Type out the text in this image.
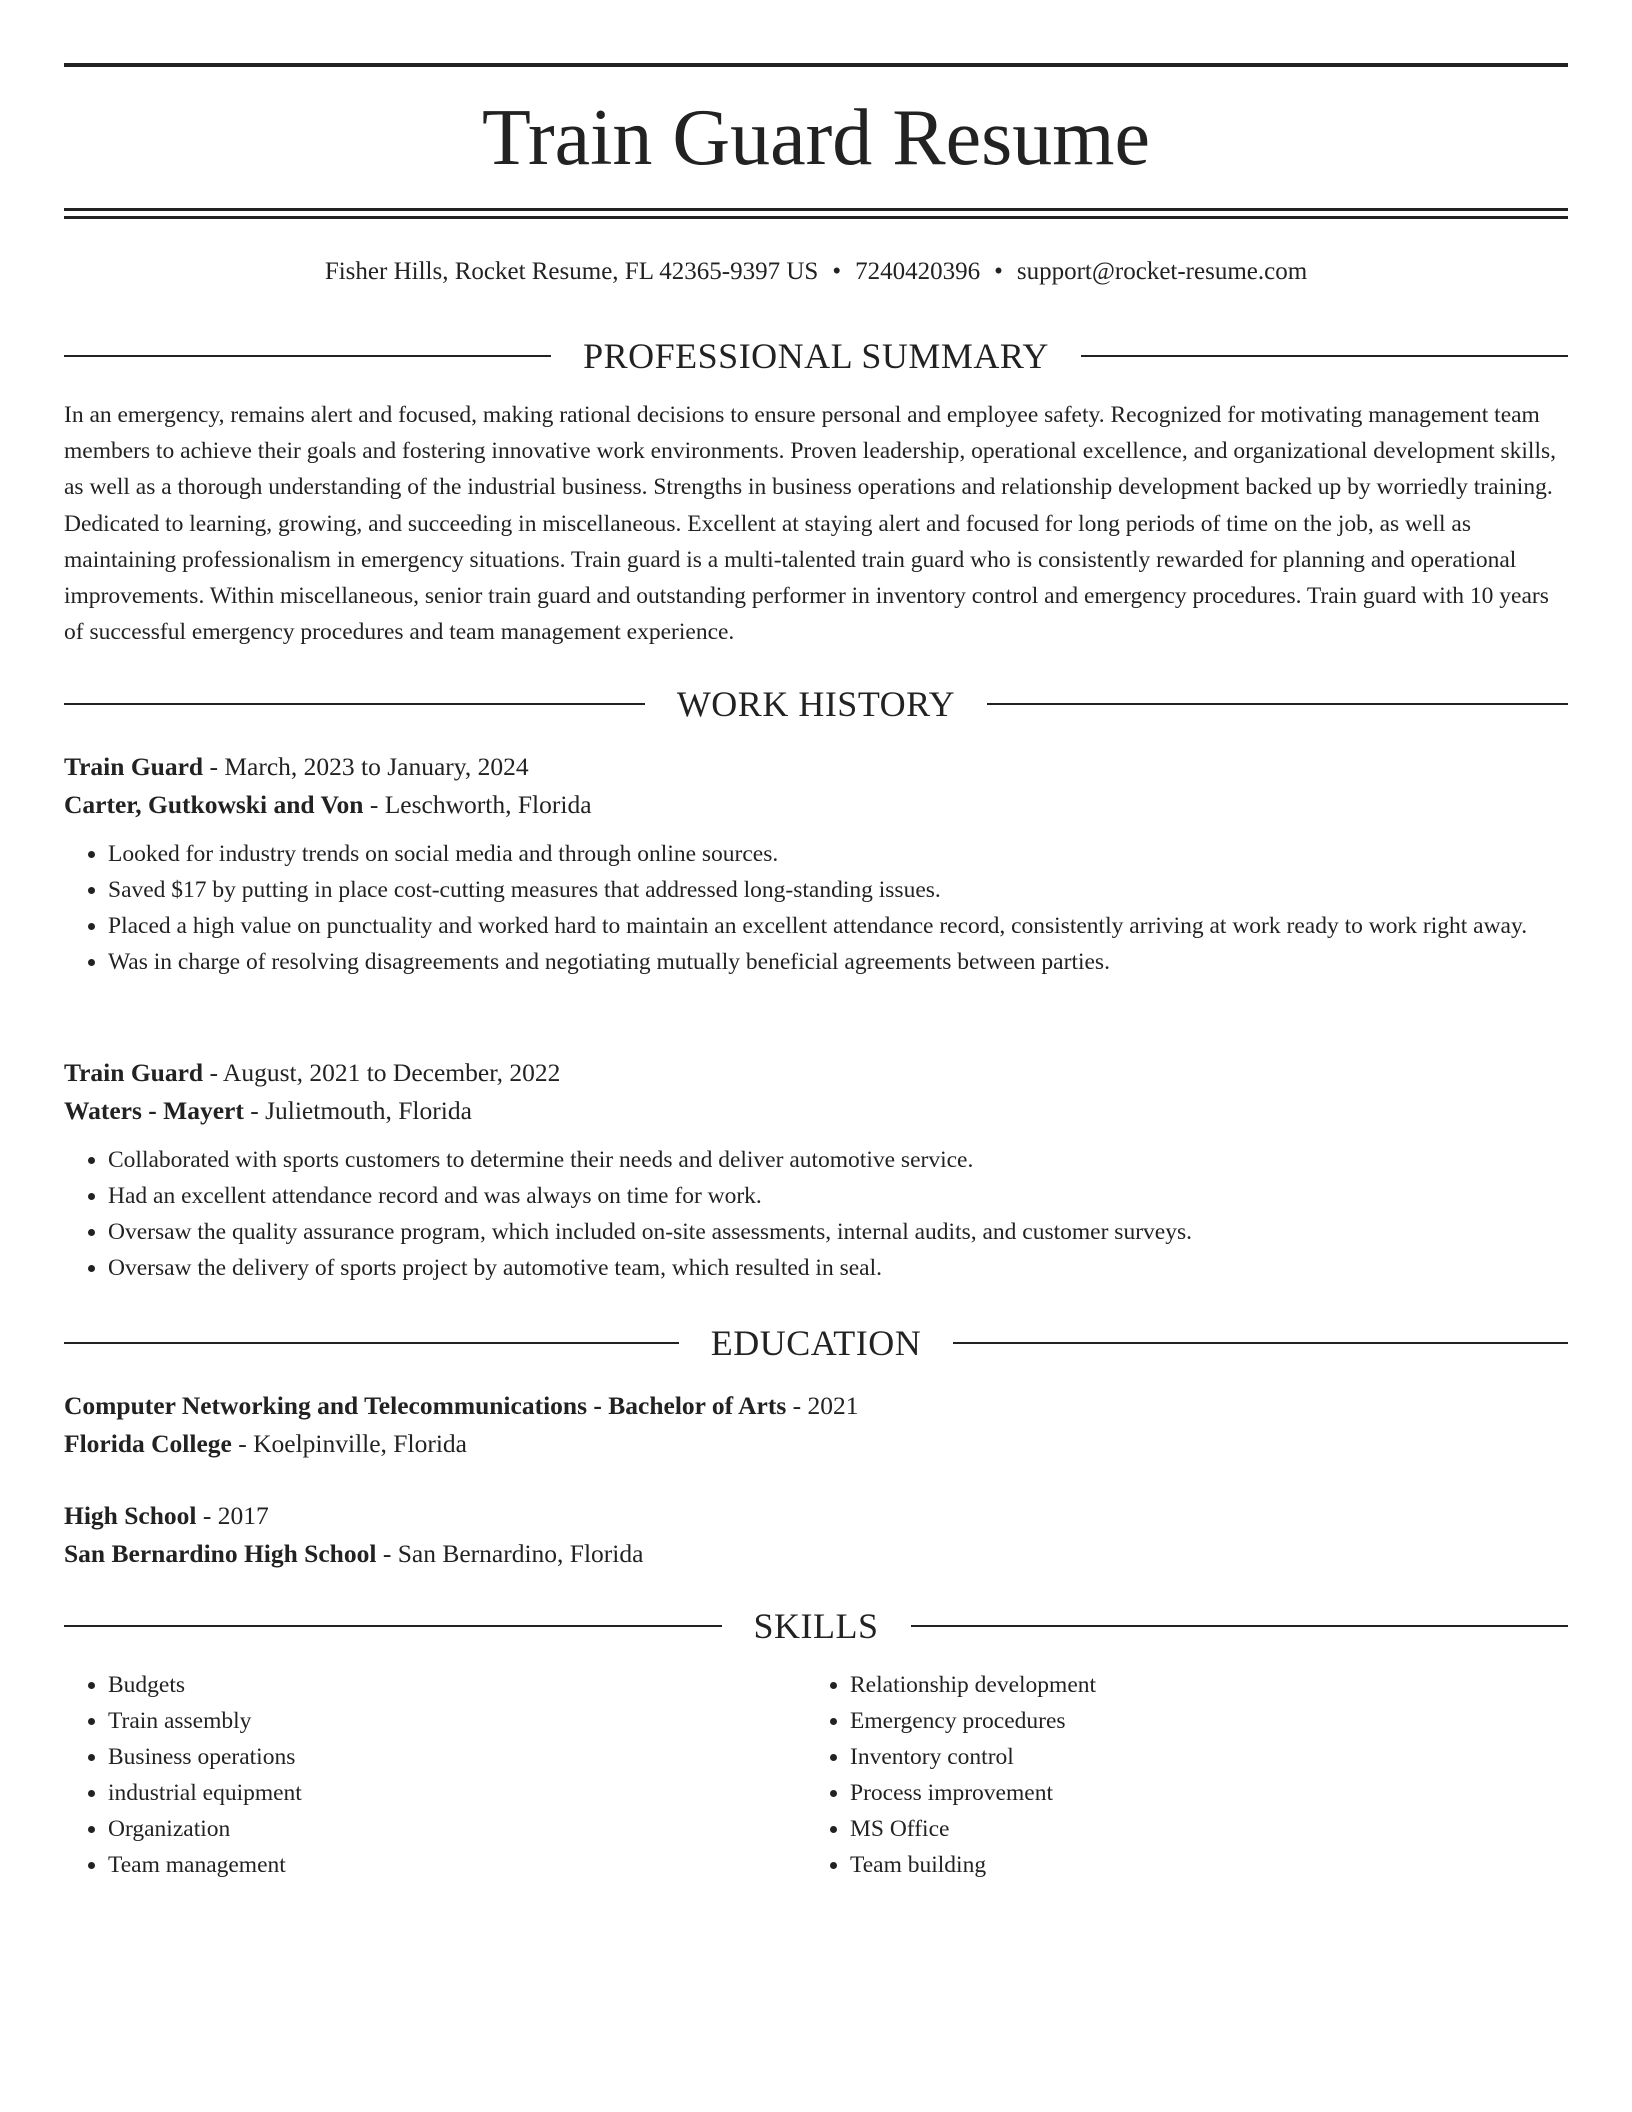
Train Guard Resume
Fisher Hills, Rocket Resume, FL 42365-9397 US • 7240420396 • support@rocket-resume.com
PROFESSIONAL SUMMARY

In an emergency, remains alert and focused, making rational decisions to ensure personal and employee safety. Recognized for motivating management team members to achieve their goals and fostering innovative work environments. Proven leadership, operational excellence, and organizational development skills, as well as a thorough understanding of the industrial business. Strengths in business operations and relationship development backed up by worriedly training. Dedicated to learning, growing, and succeeding in miscellaneous. Excellent at staying alert and focused for long periods of time on the job, as well as maintaining professionalism in emergency situations. Train guard is a multi-talented train guard who is consistently rewarded for planning and operational improvements. Within miscellaneous, senior train guard and outstanding performer in inventory control and emergency procedures. Train guard with 10 years of successful emergency procedures and team management experience.

WORK HISTORY
Train Guard - March, 2023 to January, 2024
Carter, Gutkowski and Von - Leschworth, Florida
• Looked for industry trends on social media and through online sources.
• Saved $17 by putting in place cost-cutting measures that addressed long-standing issues.
• Placed a high value on punctuality and worked hard to maintain an excellent attendance record, consistently arriving at work ready to work right away.
• Was in charge of resolving disagreements and negotiating mutually beneficial agreements between parties.
Train Guard - August, 2021 to December, 2022
Waters - Mayert - Julietmouth, Florida
• Collaborated with sports customers to determine their needs and deliver automotive service.
• Had an excellent attendance record and was always on time for work.
• Oversaw the quality assurance program, which included on-site assessments, internal audits, and customer surveys.
• Oversaw the delivery of sports project by automotive team, which resulted in seal.
EDUCATION
Computer Networking and Telecommunications - Bachelor of Arts - 2021
Florida College - Koelpinville, Florida
High School - 2017
San Bernardino High School - San Bernardino, Florida
SKILLS
• Budgets
• Train assembly
• Business operations
• industrial equipment
• Organization
• Team management
• Relationship development
• Emergency procedures
• Inventory control
• Process improvement
• MS Office
• Team building
